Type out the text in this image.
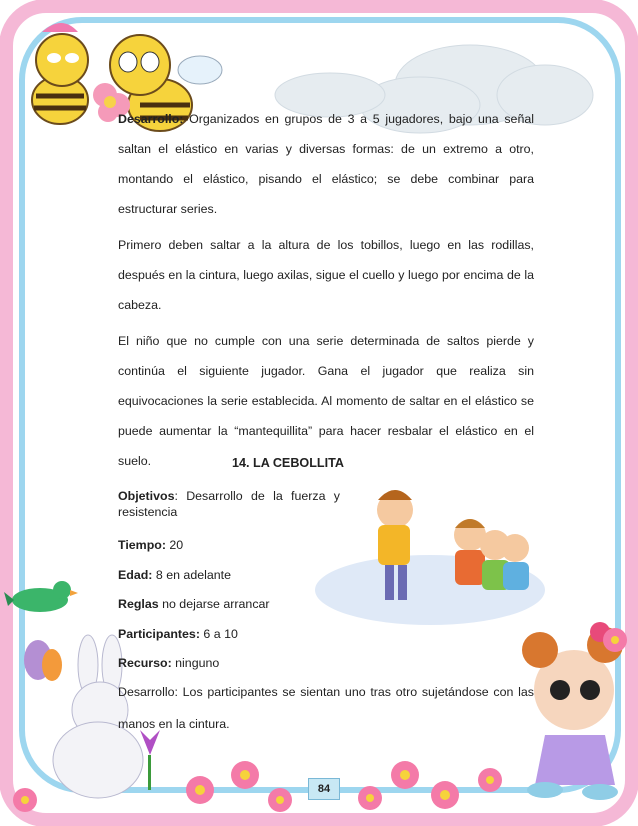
Desarrollo: Organizados en grupos de 3 a 5 jugadores, bajo una señal saltan el elástico en varias y diversas formas: de un extremo a otro, montando el elástico, pisando el elástico; se debe combinar para estructurar series.

Primero deben saltar a la altura de los tobillos, luego en las rodillas, después en la cintura, luego axilas, sigue el cuello y luego por encima de la cabeza.

El niño que no cumple con una serie determinada de saltos pierde y continúa el siguiente jugador. Gana el jugador que realiza sin equivocaciones la serie establecida. Al momento de saltar en el elástico se puede aumentar la “mantequillita” para hacer resbalar el elástico en el suelo.	14. LA CEBOLLITA
Objetivos: Desarrollo de la fuerza y resistencia
Tiempo: 20
Edad: 8 en adelante
Reglas no dejarse arrancar
Participantes: 6 a 10
Recurso: ninguno
Desarrollo: Los participantes se sientan uno tras otro sujetándose con las manos en la cintura.
84
